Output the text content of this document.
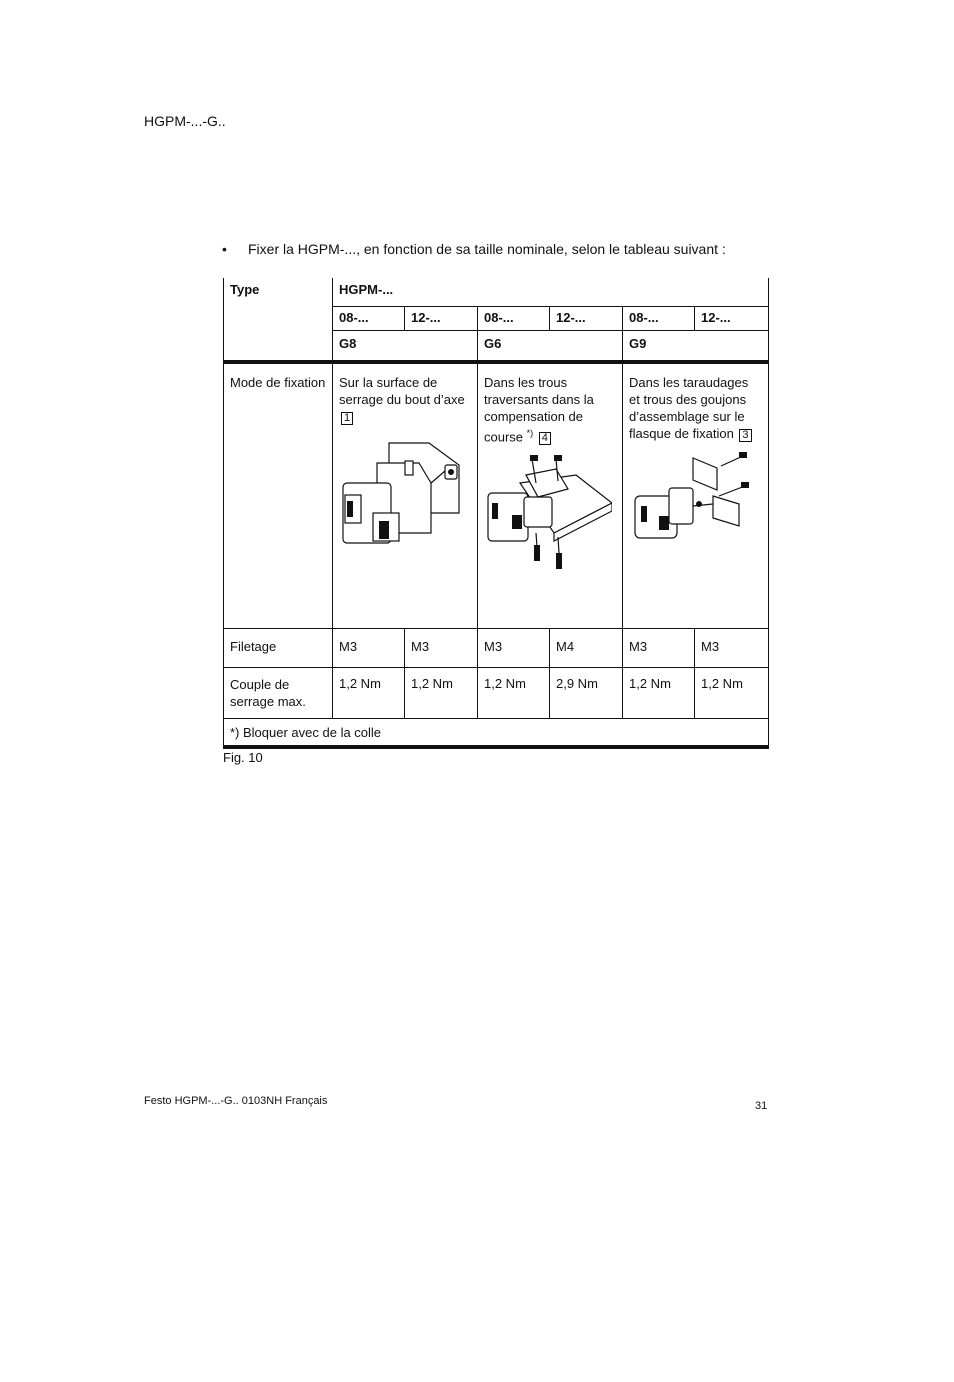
HGPM-...-G..
• Fixer la HGPM-..., en fonction de sa taille nominale, selon le tableau suivant :
Type	HGPM-...					
	08-...	12-...	08-...	12-...	08-...	12-...
	G8		G6		G9	
Mode de fixation	Sur la surface de serrage du bout d’axe 1		Dans les trous traversants dans la compensation de course *) 4		Dans les taraudages et trous des goujons d’assemblage sur le flasque de fixation 3	

Filetage	M3	M3	M3	M4	M3	M3
Couple de serrage max.	1,2 Nm	1,2 Nm	1,2 Nm	2,9 Nm	1,2 Nm	1,2 Nm
*) Bloquer avec de la colle						
Fig. 10
Festo HGPM-...-G.. 0103NH Français	31
